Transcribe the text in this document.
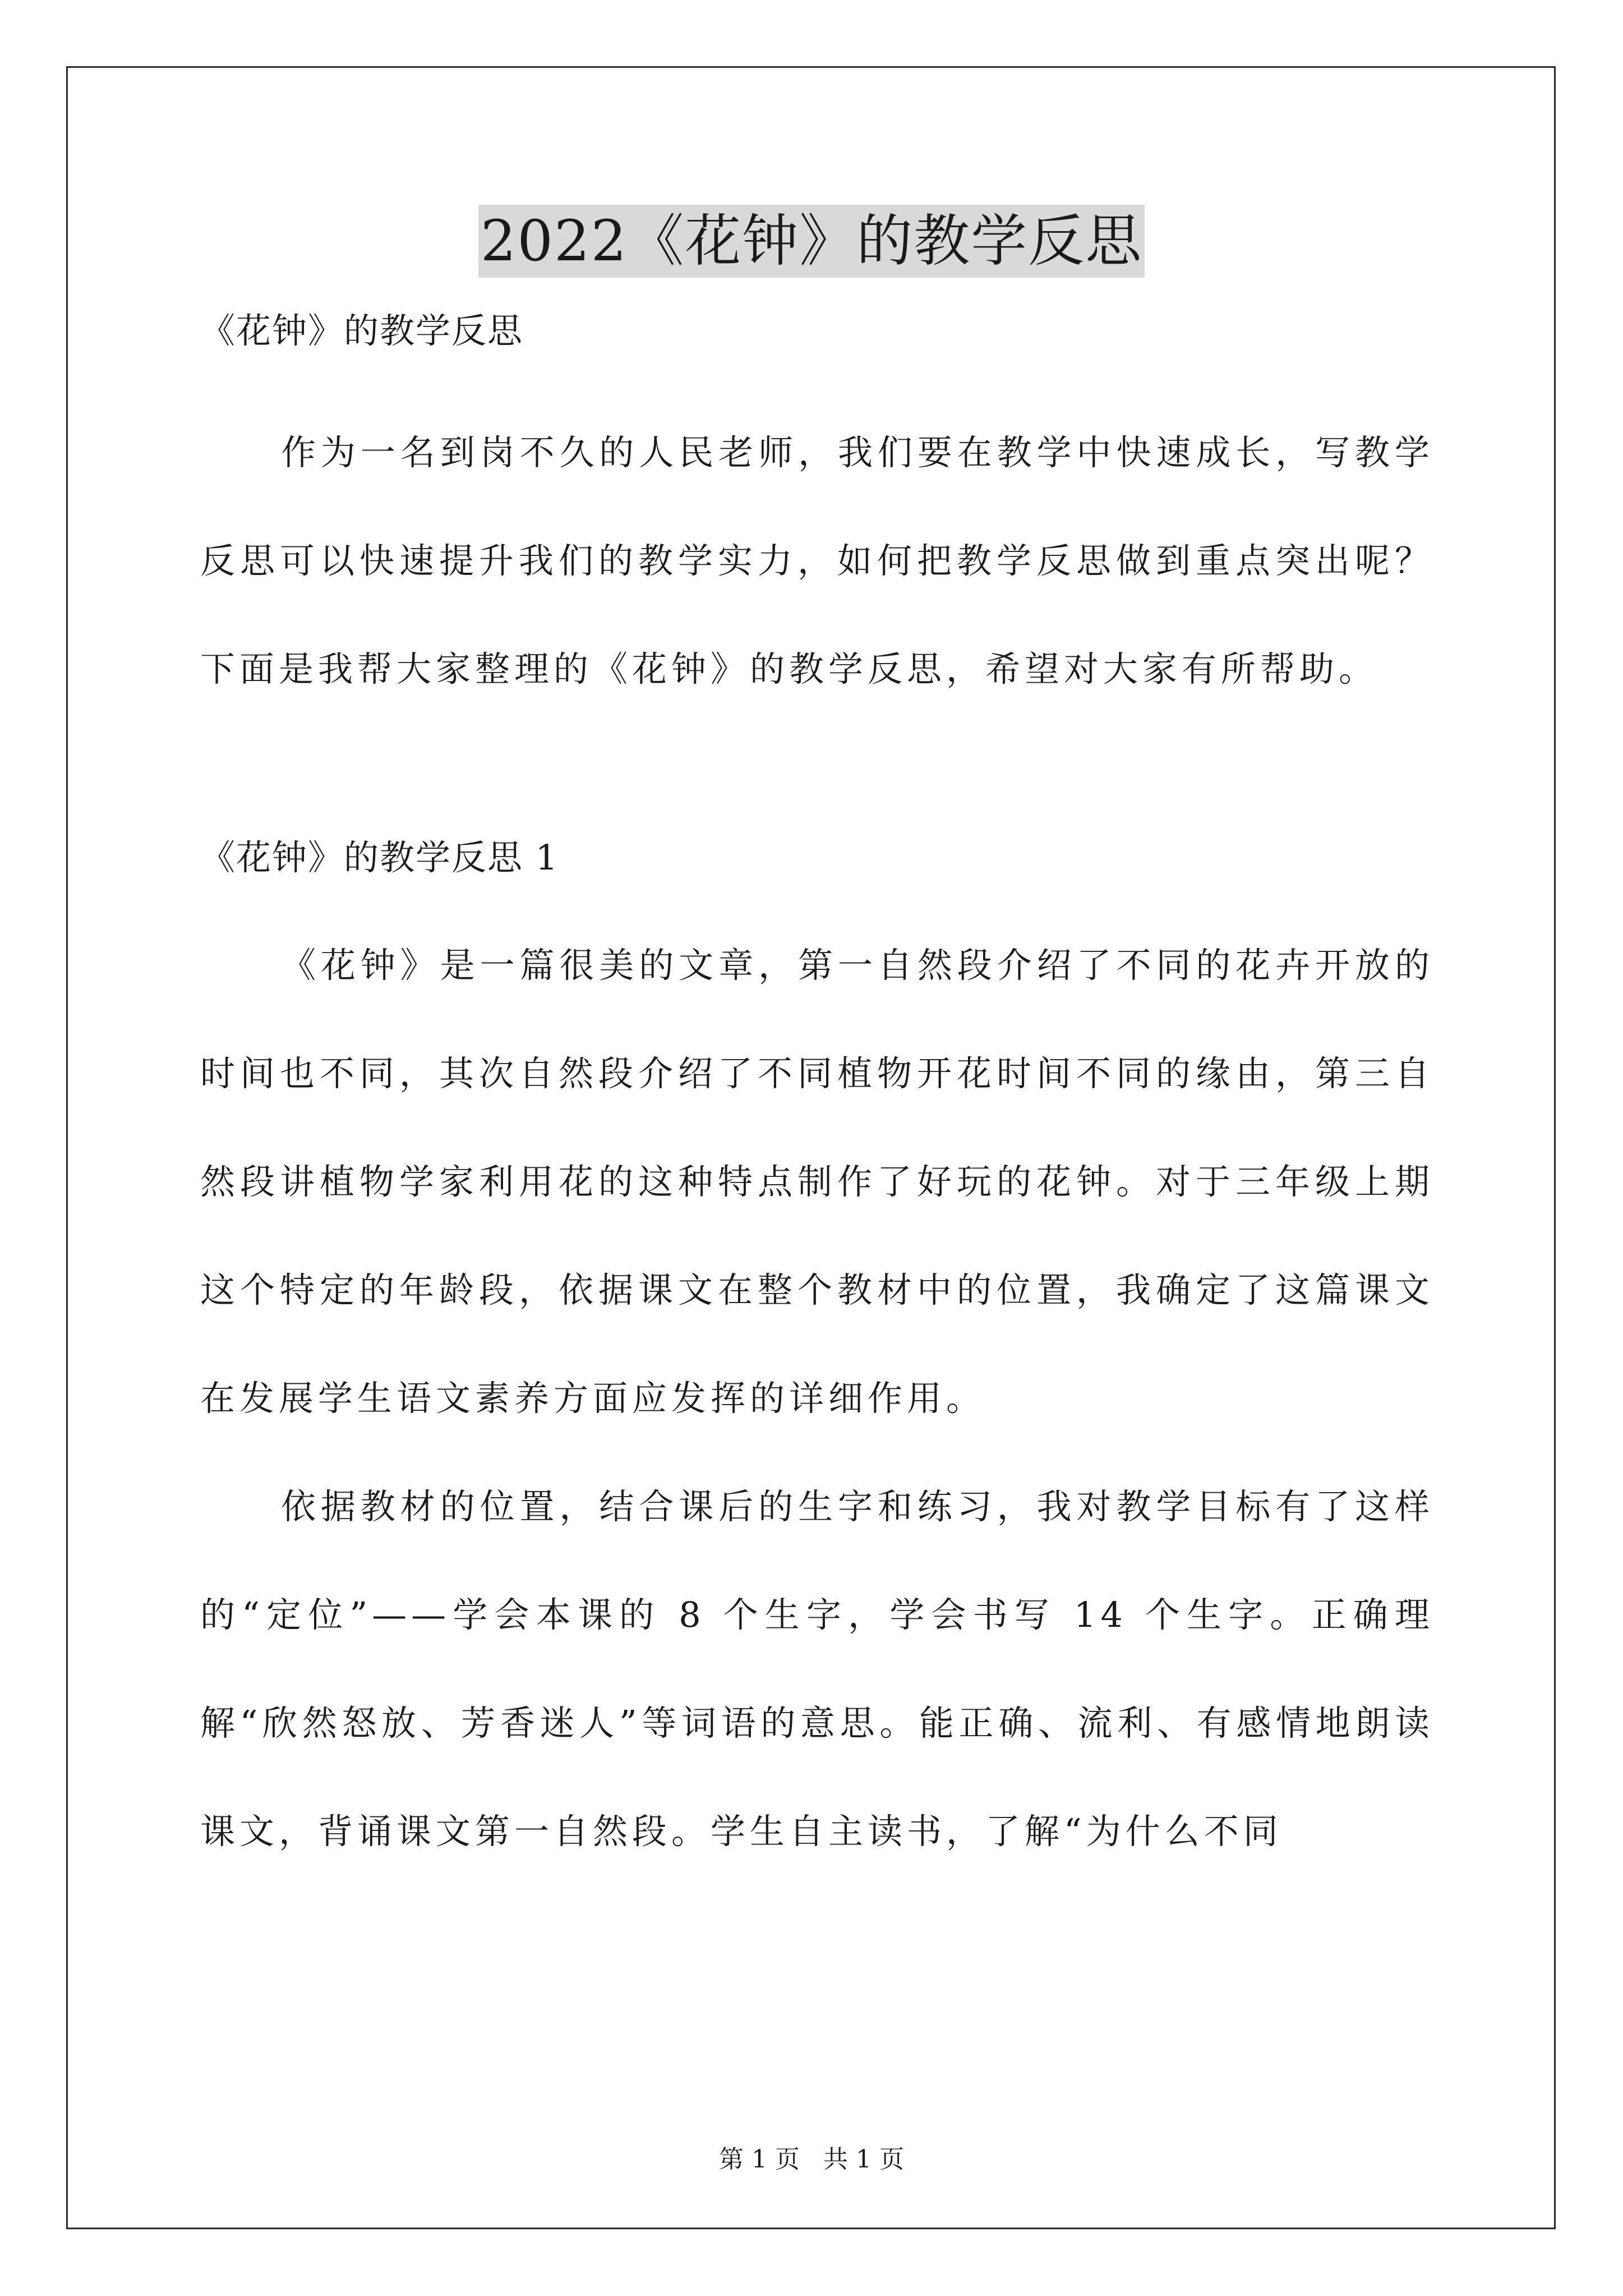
2022《花钟》的教学反思

《花钟》的教学反思

作为一名到岗不久的人民老师，我们要在教学中快速成长，写教学反思可以快速提升我们的教学实力，如何把教学反思做到重点突出呢？下面是我帮大家整理的《花钟》的教学反思，希望对大家有所帮助。

《花钟》的教学反思 1

《花钟》是一篇很美的文章，第一自然段介绍了不同的花卉开放的时间也不同，其次自然段介绍了不同植物开花时间不同的缘由，第三自然段讲植物学家利用花的这种特点制作了好玩的花钟。对于三年级上期这个特定的年龄段，依据课文在整个教材中的位置，我确定了这篇课文在发展学生语文素养方面应发挥的详细作用。

依据教材的位置，结合课后的生字和练习，我对教学目标有了这样的“定位”——学会本课的 8 个生字，学会书写 14 个生字。正确理解“欣然怒放、芳香迷人”等词语的意思。能正确、流利、有感情地朗读课文，背诵课文第一自然段。学生自主读书，了解“为什么不同

第 1 页 共 1 页
